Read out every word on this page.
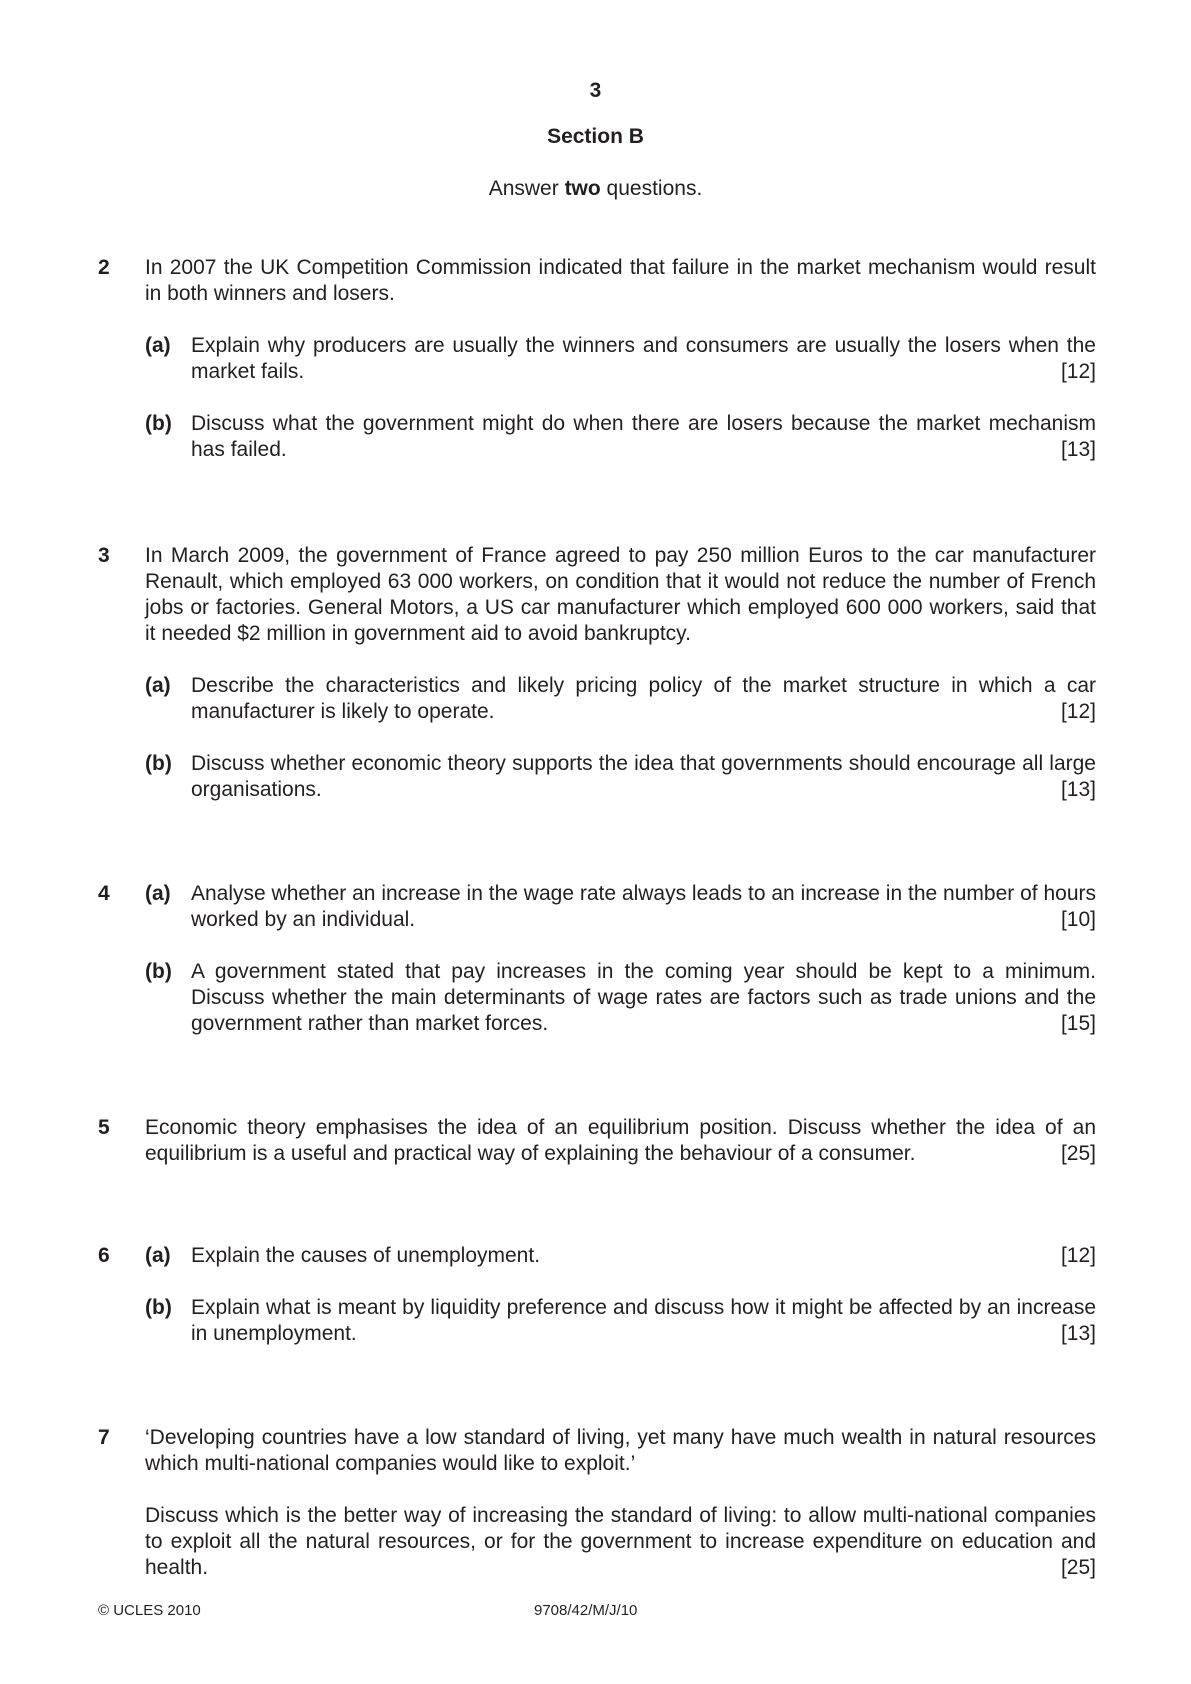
3
Section B
Answer two questions.
2 In 2007 the UK Competition Commission indicated that failure in the market mechanism would result in both winners and losers.
(a) Explain why producers are usually the winners and consumers are usually the losers when the market fails.	[12]
(b) Discuss what the government might do when there are losers because the market mechanism has failed.	[13]
3 In March 2009, the government of France agreed to pay 250 million Euros to the car manufacturer Renault, which employed 63 000 workers, on condition that it would not reduce the number of French jobs or factories. General Motors, a US car manufacturer which employed 600 000 workers, said that it needed $2 million in government aid to avoid bankruptcy.
(a) Describe the characteristics and likely pricing policy of the market structure in which a car manufacturer is likely to operate.	[12]
(b) Discuss whether economic theory supports the idea that governments should encourage all large organisations.	[13]
4 (a) Analyse whether an increase in the wage rate always leads to an increase in the number of hours worked by an individual.	[10]
(b) A government stated that pay increases in the coming year should be kept to a minimum. Discuss whether the main determinants of wage rates are factors such as trade unions and the government rather than market forces.	[15]
5 Economic theory emphasises the idea of an equilibrium position. Discuss whether the idea of an equilibrium is a useful and practical way of explaining the behaviour of a consumer.	[25]
6 (a) Explain the causes of unemployment.	[12]
(b) Explain what is meant by liquidity preference and discuss how it might be affected by an increase in unemployment.	[13]
7 ‘Developing countries have a low standard of living, yet many have much wealth in natural resources which multi-national companies would like to exploit.’
Discuss which is the better way of increasing the standard of living: to allow multi-national companies to exploit all the natural resources, or for the government to increase expenditure on education and health.	[25]
© UCLES 2010	9708/42/M/J/10
